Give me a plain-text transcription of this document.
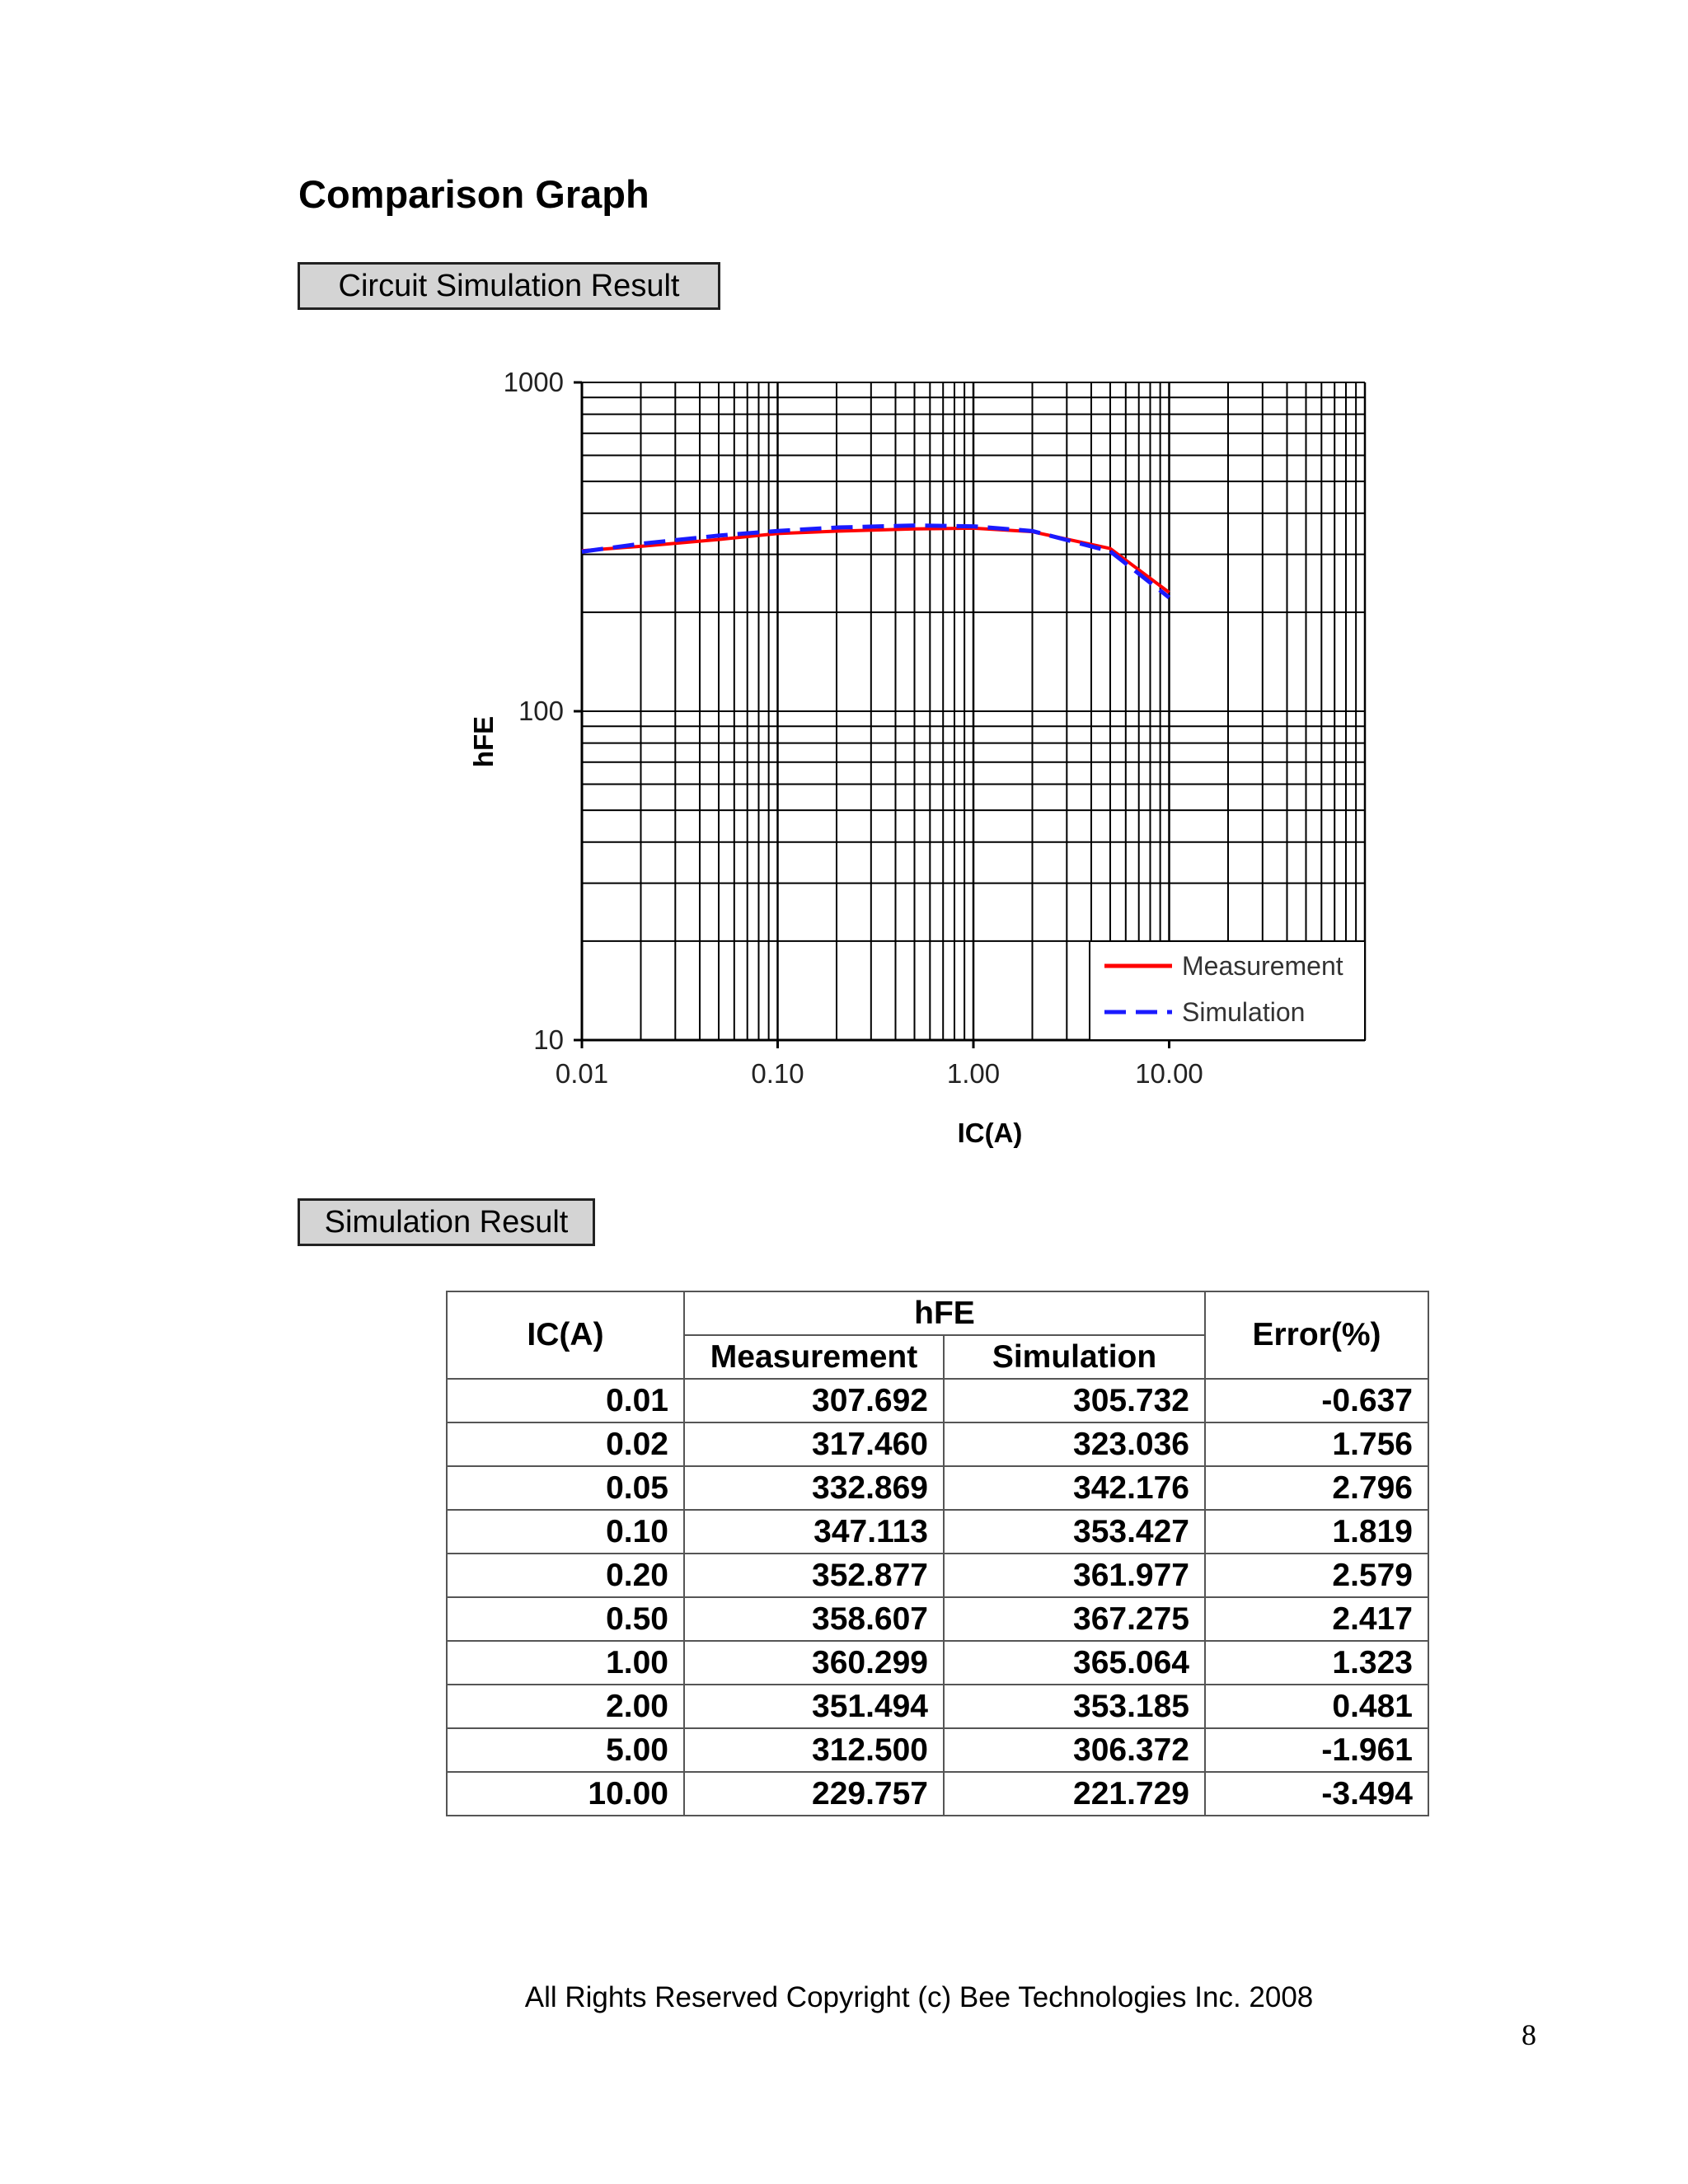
Comparison Graph
Circuit Simulation Result
0.01	0.10	1.00	10.00
10
100
1000
Measurement
Simulation
IC(A)
hFE
Simulation Result
IC(A)	hFE		Error(%)
	Measurement	Simulation	
0.01	307.692	305.732	-0.637
0.02	317.460	323.036	1.756
0.05	332.869	342.176	2.796
0.10	347.113	353.427	1.819
0.20	352.877	361.977	2.579
0.50	358.607	367.275	2.417
1.00	360.299	365.064	1.323
2.00	351.494	353.185	0.481
5.00	312.500	306.372	-1.961
10.00	229.757	221.729	-3.494
All Rights Reserved Copyright (c) Bee Technologies Inc. 2008
8
